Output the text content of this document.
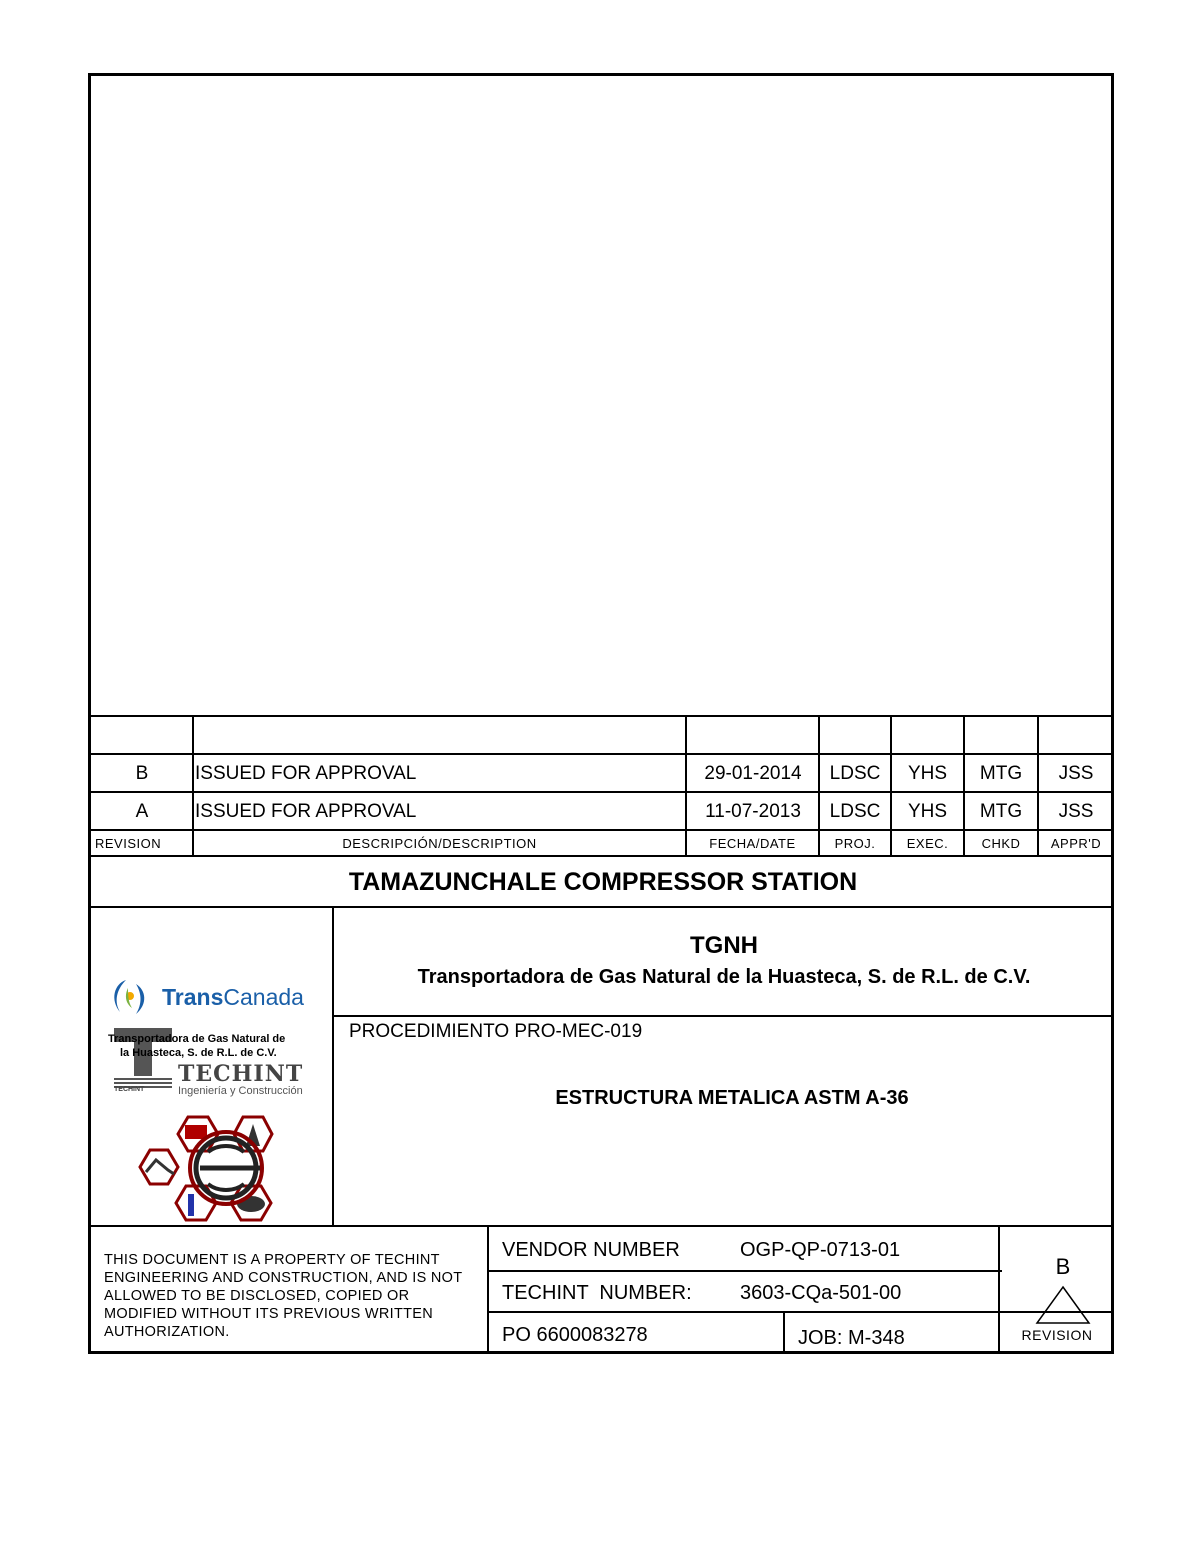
B	ISSUED FOR APPROVAL	29-01-2014	LDSC	YHS	MTG	JSS
A	ISSUED FOR APPROVAL	11-07-2013	LDSC	YHS	MTG	JSS
REVISION	DESCRIPCIÓN/DESCRIPTION	FECHA/DATE	PROJ.	EXEC.	CHKD	APPR'D
TAMAZUNCHALE COMPRESSOR STATION
TGNH
Transportadora de Gas Natural de la Huasteca, S. de R.L. de C.V.
PROCEDIMIENTO PRO-MEC-019
ESTRUCTURA METALICA ASTM A-36
TransCanada
Transportadora de Gas Natural de
la Huasteca, S. de R.L. de C.V.
TECHINT
TECHINT	Ingeniería y Construcción
THIS DOCUMENT IS A PROPERTY OF TECHINT ENGINEERING AND CONSTRUCTION, AND IS NOT ALLOWED TO BE DISCLOSED, COPIED OR MODIFIED WITHOUT ITS PREVIOUS WRITTEN AUTHORIZATION.
VENDOR NUMBER	OGP-QP-0713-01
TECHINT  NUMBER:	3603-CQa-501-00
PO 6600083278	JOB: M-348
B
REVISION
